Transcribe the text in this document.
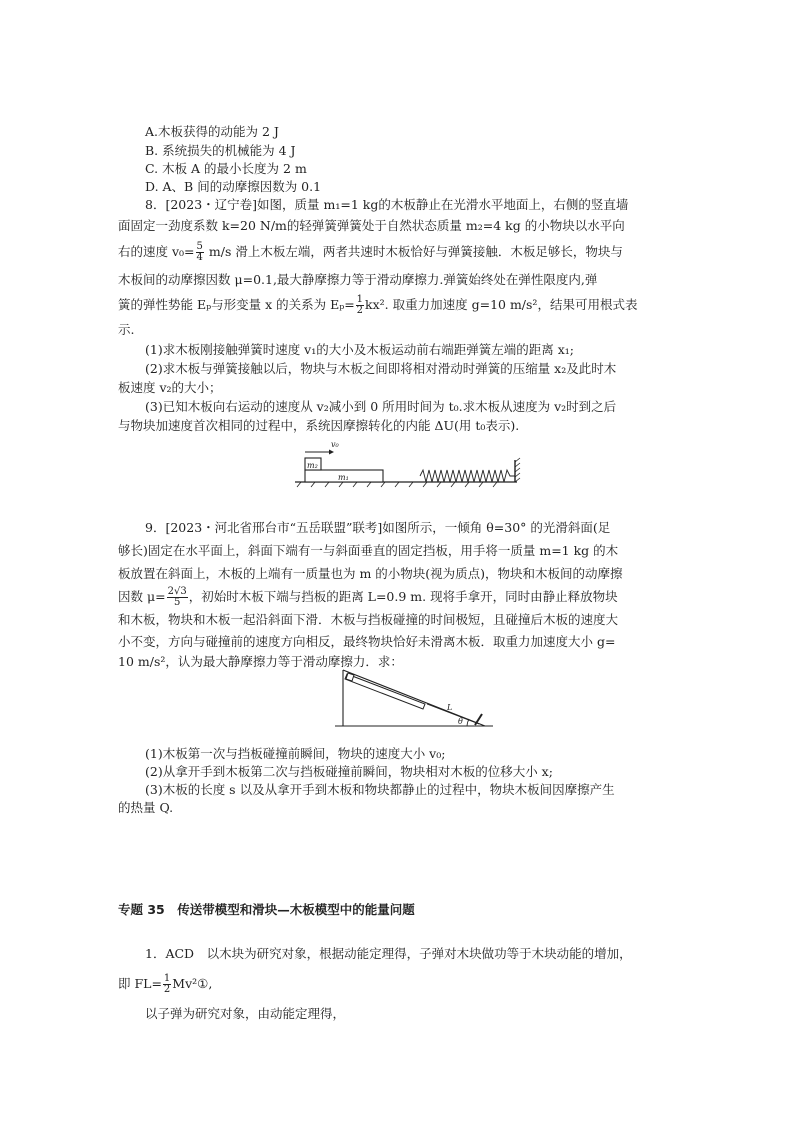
A.木板获得的动能为 2 J
B. 系统损失的机械能为 4 J
C. 木板 A 的最小长度为 2 m
D. A、B 间的动摩擦因数为 0.1
8．[2023・辽宁卷]如图，质量 m₁=1 kg的木板静止在光滑水平地面上，右侧的竖直墙
面固定一劲度系数 k=20 N/m的轻弹簧弹簧处于自然状态质量 m₂=4 kg 的小物块以水平向
右的速度 $v_0= \frac{5}{4} m/s$ 滑上木板左端，两者共速时木板恰好与弹簧接触．木板足够长，物块与
木板间的动摩擦因数 μ=0.1,最大静摩擦力等于滑动摩擦力.弹簧始终处在弹性限度内,弹
簧的弹性势能 Eₚ与形变量 x 的关系为 $E_p= \frac{1}{2} kx^2$. 取重力加速度 g=10 m/s²，结果可用根式表
示.
(1)求木板刚接触弹簧时速度 v₁的大小及木板运动前右端距弹簧左端的距离 x₁;
(2)求木板与弹簧接触以后，物块与木板之间即将相对滑动时弹簧的压缩量 x₂及此时木
板速度 v₂的大小；
(3)已知木板向右运动的速度从 v₂减小到 0 所用时间为 t₀.求木板从速度为 v₂时到之后
与物块加速度首次相同的过程中，系统因摩擦转化的内能 ΔU(用 t₀表示).
m₁
m₂
v₀
9．[2023・河北省邢台市“五岳联盟”联考]如图所示，一倾角 θ=30° 的光滑斜面(足
够长)固定在水平面上，斜面下端有一与斜面垂直的固定挡板，用手将一质量 m=1 kg 的木
板放置在斜面上，木板的上端有一质量也为 m 的小物块(视为质点)，物块和木板间的动摩擦
因数 $\mu= \frac{2√3}{5}$ ，初始时木板下端与挡板的距离 L=0.9 m. 现将手拿开，同时由静止释放物块
和木板，物块和木板一起沿斜面下滑．木板与挡板碰撞的时间极短，且碰撞后木板的速度大
小不变，方向与碰撞前的速度方向相反，最终物块恰好未滑离木板．取重力加速度大小 g=
10 m/s²，认为最大静摩擦力等于滑动摩擦力．求：
L
θ
(1)木板第一次与挡板碰撞前瞬间，物块的速度大小 v₀;
(2)从拿开手到木板第二次与挡板碰撞前瞬间，物块相对木板的位移大小 x;
(3)木板的长度 s 以及从拿开手到木板和物块都静止的过程中，物块木板间因摩擦产生
的热量 Q.
专题 35　传送带模型和滑块—木板模型中的能量问题
1．ACD　以木块为研究对象，根据动能定理得，子弹对木块做功等于木块动能的增加，
即 $FL= \frac{1}{2}$ Mv²①,
以子弹为研究对象，由动能定理得，
